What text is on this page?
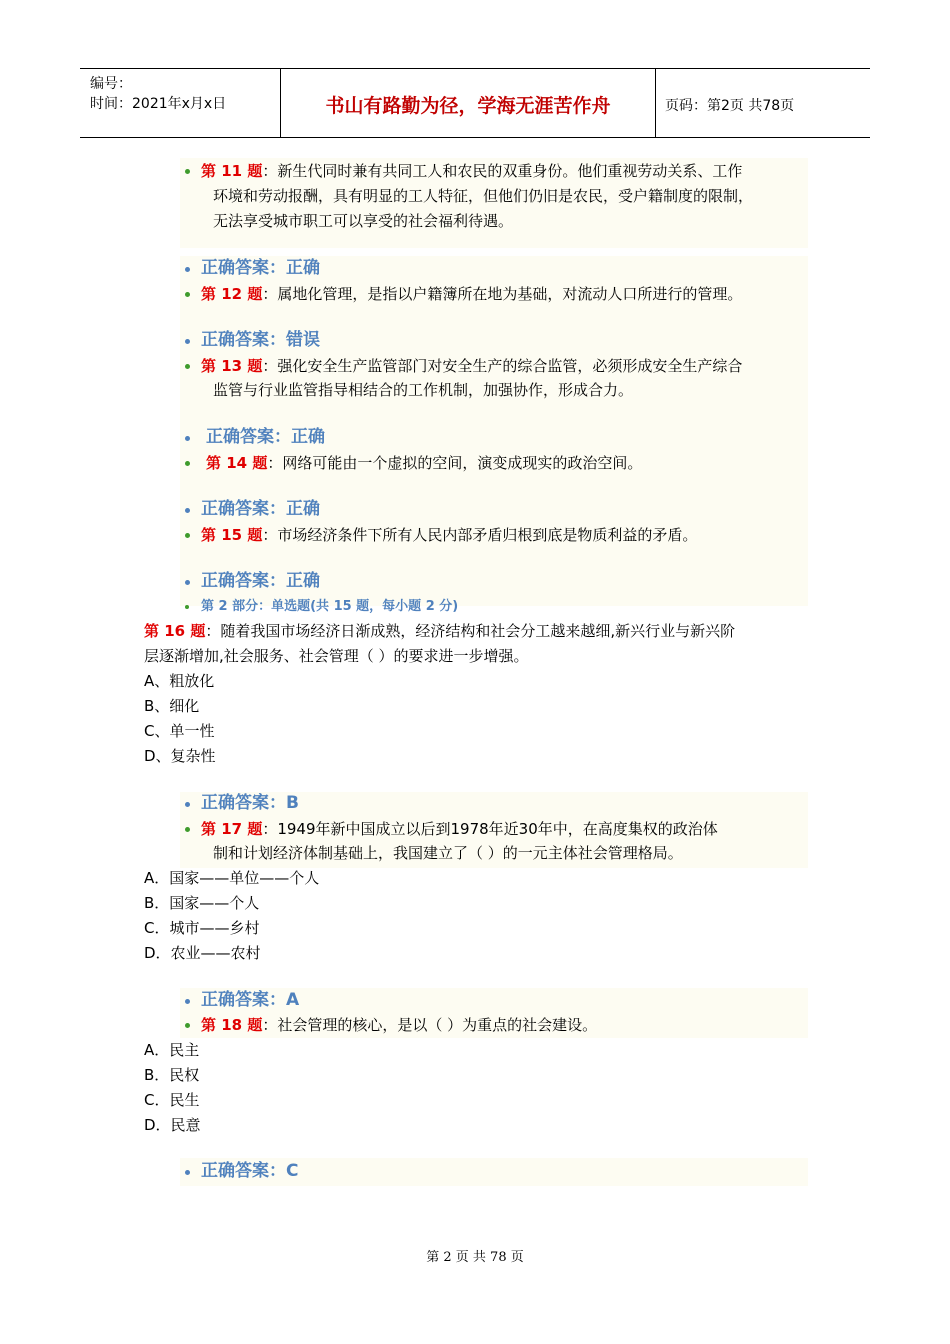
编号：
时间：2021年x月x日	书山有路勤为径，学海无涯苦作舟	页码：第2页 共78页
第 11 题：新生代同时兼有共同工人和农民的双重身份。他们重视劳动关系、工作
环境和劳动报酬，具有明显的工人特征，但他们仍旧是农民，受户籍制度的限制，
无法享受城市职工可以享受的社会福利待遇。
正确答案：正确
第 12 题：属地化管理，是指以户籍簿所在地为基础，对流动人口所进行的管理。
正确答案：错误
第 13 题：强化安全生产监管部门对安全生产的综合监管，必须形成安全生产综合
监管与行业监管指导相结合的工作机制，加强协作，形成合力。
正确答案：正确
第 14 题：网络可能由一个虚拟的空间，演变成现实的政治空间。
正确答案：正确
第 15 题：市场经济条件下所有人民内部矛盾归根到底是物质利益的矛盾。
正确答案：正确
第 2 部分：单选题(共 15 题，每小题 2 分)
第 16 题：随着我国市场经济日渐成熟，经济结构和社会分工越来越细,新兴行业与新兴阶
层逐渐增加,社会服务、社会管理（ ）的要求进一步增强。
A、粗放化
B、细化
C、单一性
D、复杂性
正确答案：B
第 17 题：1949年新中国成立以后到1978年近30年中，在高度集权的政治体
制和计划经济体制基础上，我国建立了（ ）的一元主体社会管理格局。
A．国家——单位——个人
B．国家——个人
C．城市——乡村
D．农业——农村
正确答案：A
第 18 题：社会管理的核心，是以（ ）为重点的社会建设。
A．民主
B．民权
C．民生
D．民意
正确答案：C
第 2 页 共 78 页
